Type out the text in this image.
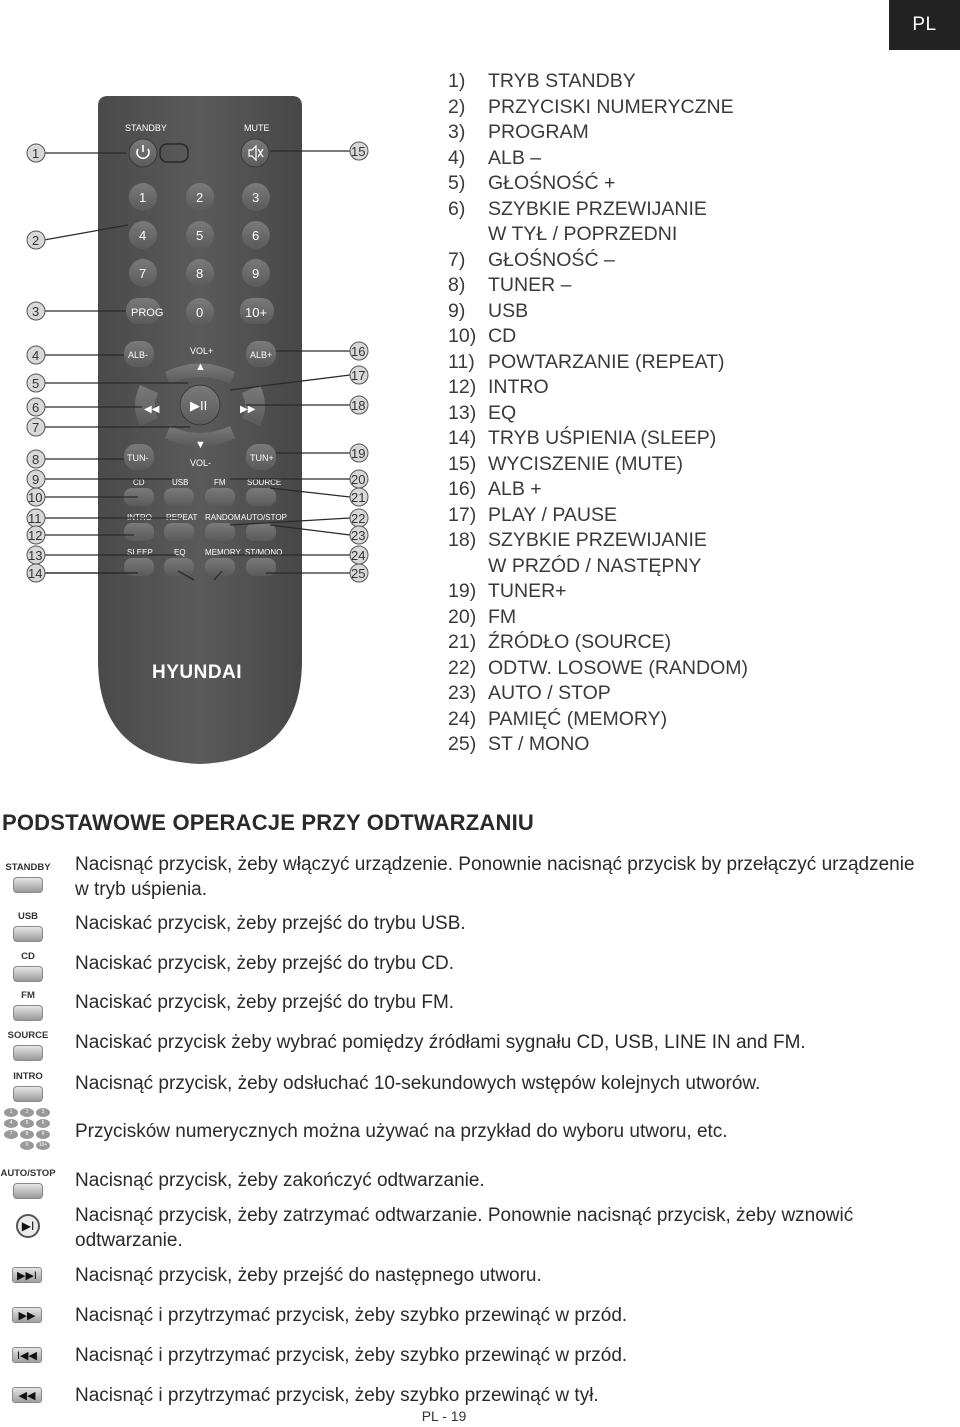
PL
STANDBY	MUTE
1	2	3
4	5	6
7	8	9
PROG	0	10+
ALB-	ALB+
VOL+
▲
◀◀	▶▶
▶II
▼
VOL-
TUN-	TUN+
CD	USB	FM	SOURCE
INTRO REPEAT RANDOM AUTO/STOP
SLEEP	EQ MEMORY ST/MONO
HYUNDAI
1
2
3
4
5
6
7
8
9
10
11
12
13
14
15
16
17
18
19
20
21
22
23
24
25
1)	TRYB STANDBY
2)	PRZYCISKI NUMERYCZNE
3)	PROGRAM
4)	ALB –
5)	GŁOŚNOŚĆ +
6)	SZYBKIE PRZEWIJANIE
W TYŁ / POPRZEDNI
7)	GŁOŚNOŚĆ –
8)	TUNER –
9)	USB
10) CD
11) POWTARZANIE (REPEAT)
12) INTRO
13) EQ
14) TRYB UŚPIENIA (SLEEP)
15) WYCISZENIE (MUTE)
16) ALB +
17) PLAY / PAUSE
18) SZYBKIE PRZEWIJANIE
W PRZÓD / NASTĘPNY
19) TUNER+
20) FM
21) ŹRÓDŁO (SOURCE)
22) ODTW. LOSOWE (RANDOM)
23) AUTO / STOP
24) PAMIĘĆ (MEMORY)
25) ST / MONO
PODSTAWOWE OPERACJE PRZY ODTWARZANIU
STANDBY Nacisnąć przycisk, żeby włączyć urządzenie. Ponownie nacisnąć przycisk by przełączyć urządzenie w tryb uśpienia.
USB Naciskać przycisk, żeby przejść do trybu USB.
CD Naciskać przycisk, żeby przejść do trybu CD.
FM Naciskać przycisk, żeby przejść do trybu FM.
SOURCE Naciskać przycisk żeby wybrać pomiędzy źródłami sygnału CD, USB, LINE IN and FM.
INTRO Nacisnąć przycisk, żeby odsłuchać 10-sekundowych wstępów kolejnych utworów.
1	2	3
4	5	6
7	8	9
0	10+
Przycisków numerycznych można używać na przykład do wyboru utworu, etc.
AUTO/STOP Nacisnąć przycisk, żeby zakończyć odtwarzanie.
▶I	Nacisnąć przycisk, żeby zatrzymać odtwarzanie. Ponownie nacisnąć przycisk, żeby wznowić odtwarzanie.
▶▶I Nacisnąć przycisk, żeby przejść do następnego utworu.
▶▶	Nacisnąć i przytrzymać przycisk, żeby szybko przewinąć w przód.
I◀◀ Nacisnąć i przytrzymać przycisk, żeby szybko przewinąć w przód.
◀◀	Nacisnąć i przytrzymać przycisk, żeby szybko przewinąć w tył.
PL - 19
